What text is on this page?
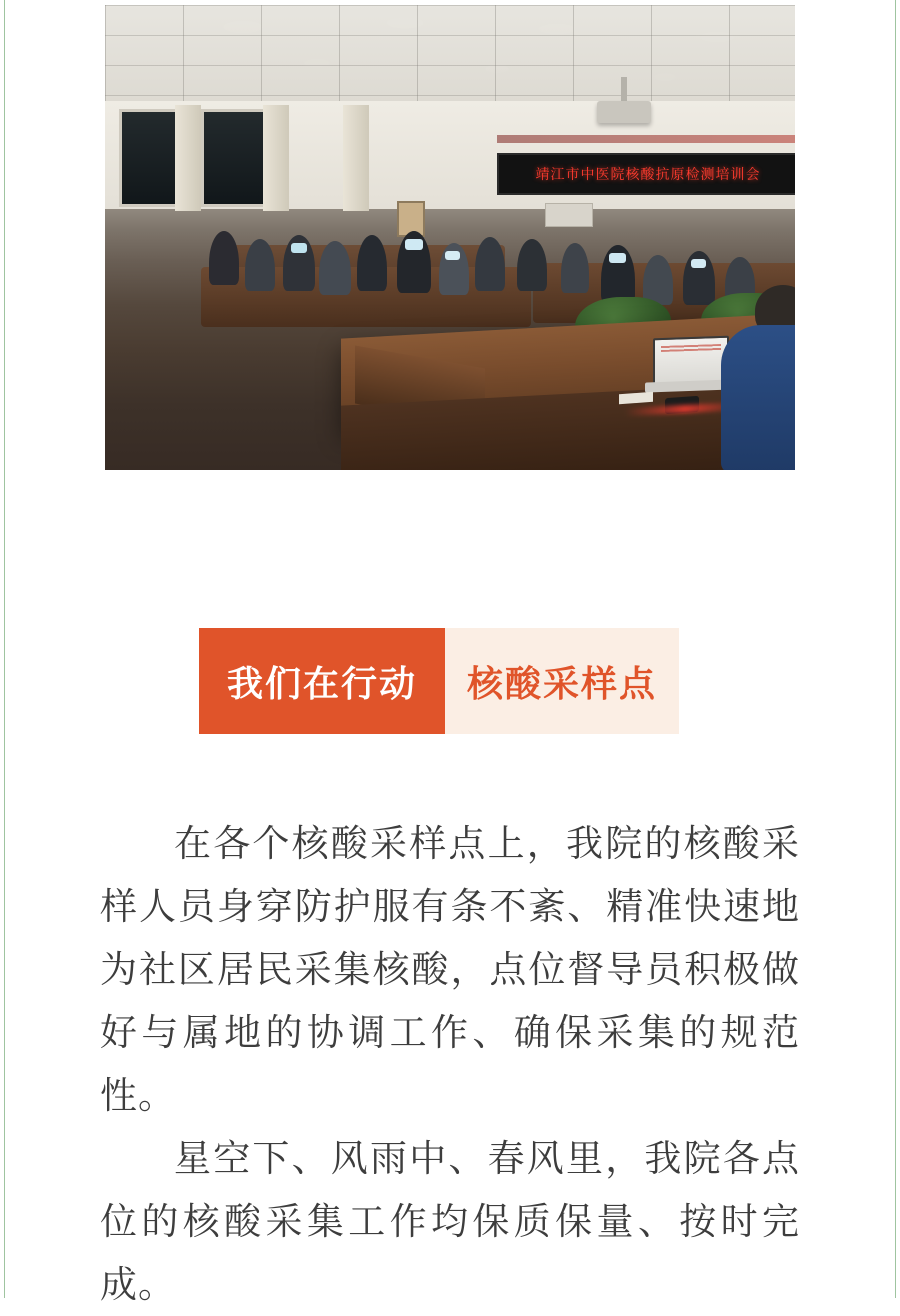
靖江市中医院核酸抗原检测培训会
我们在行动	核酸采样点

在各个核酸采样点上，我院的核酸采样人员身穿防护服有条不紊、精准快速地为社区居民采集核酸，点位督导员积极做好与属地的协调工作、确保采集的规范性。

星空下、风雨中、春风里，我院各点位的核酸采集工作均保质保量、按时完成。
